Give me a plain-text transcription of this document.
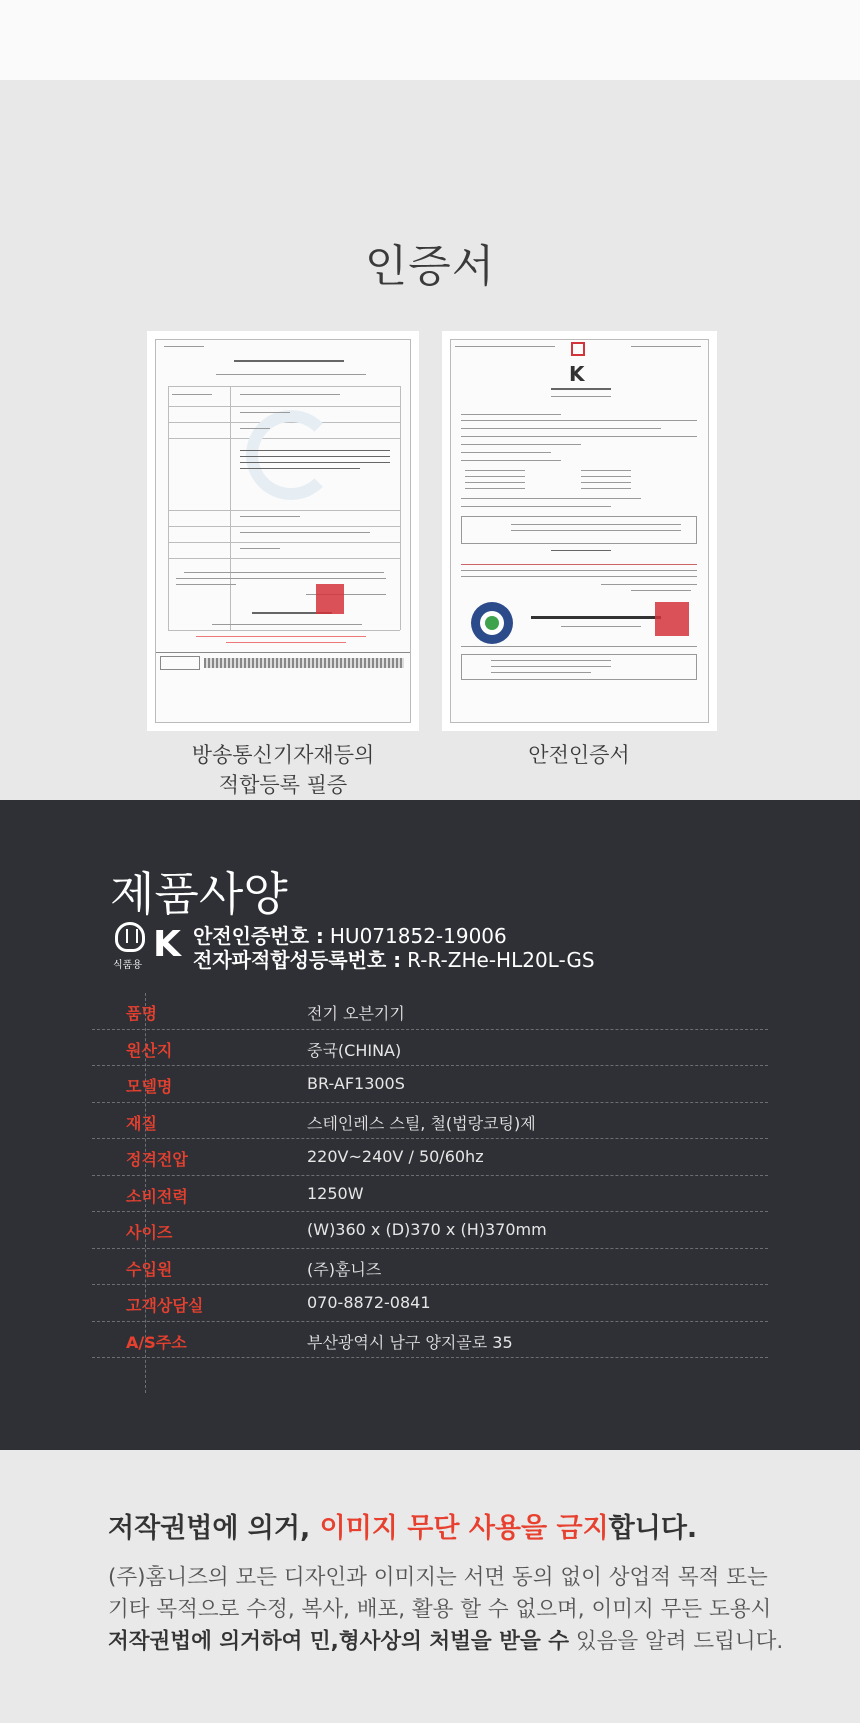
인증서
K
방송통신기자재등의
적합등록 필증
안전인증서
제품사양
식품용
K 안전인증번호 : HU071852-19006
전자파적합성등록번호 : R-R-ZHe-HL20L-GS
품명	전기 오븐기기
원산지	중국(CHINA)
모델명	BR-AF1300S
재질	스테인레스 스틸, 철(법랑코팅)제
정격전압	220V~240V / 50/60hz
소비전력	1250W
사이즈	(W)360 x (D)370 x (H)370mm
수입원	(주)홈니즈
고객상담실	070-8872-0841
A/S주소	부산광역시 남구 양지골로 35
저작권법에 의거, 이미지 무단 사용을 금지합니다.
(주)홈니즈의 모든 디자인과 이미지는 서면 동의 없이 상업적 목적 또는
기타 목적으로 수정, 복사, 배포, 활용 할 수 없으며, 이미지 무든 도용시
저작권법에 의거하여 민,형사상의 처벌을 받을 수 있음을 알려 드립니다.
